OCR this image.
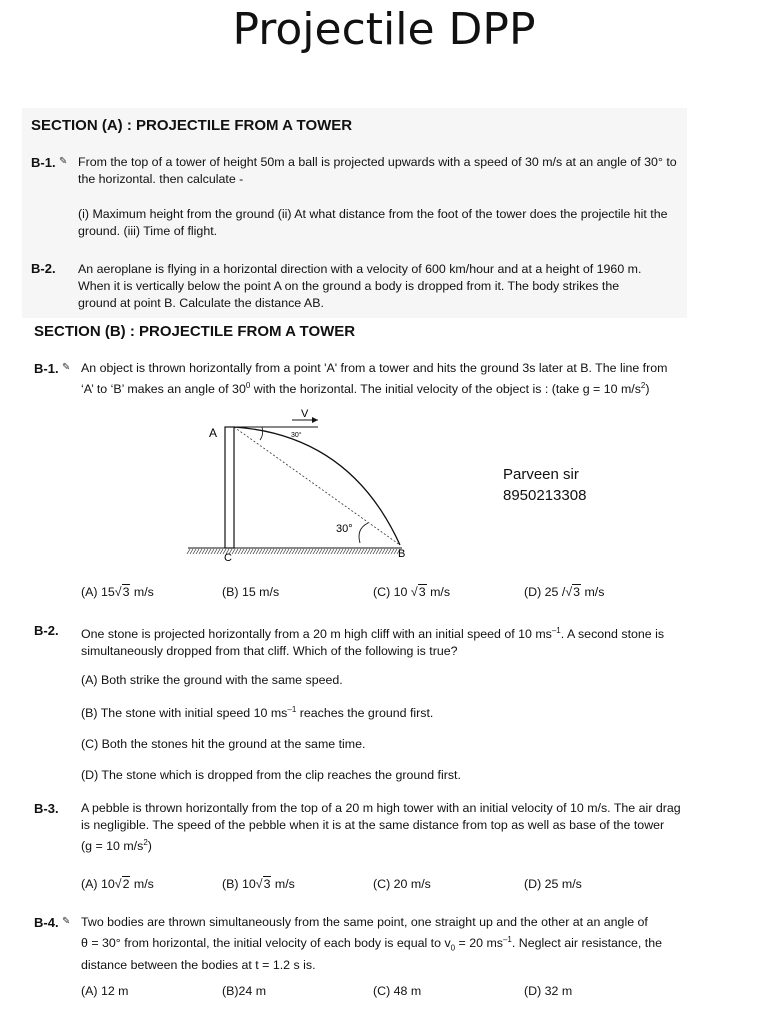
Projectile DPP
SECTION (A) : PROJECTILE FROM A TOWER
B-1. ✎ From the top of a tower of height 50m a ball is projected upwards with a speed of 30 m/s at an angle of 30° to
the horizontal. then calculate -
(i) Maximum height from the ground (ii) At what distance from the foot of the tower does the projectile hit the
ground. (iii) Time of flight.
B-2. An aeroplane is flying in a horizontal direction with a velocity of 600 km/hour and at a height of 1960 m.
When it is vertically below the point A on the ground a body is dropped from it. The body strikes the
ground at point B. Calculate the distance AB.
SECTION (B) : PROJECTILE FROM A TOWER
B-1. ✎ An object is thrown horizontally from a point 'A' from a tower and hits the ground 3s later at B. The line from
‘A’ to ‘B’ makes an angle of $30^0$ with the horizontal. The initial velocity of the object is : (take g = 10 $m/s^2$)
A
V
30°
30°
B
C
Parveen sir
8950213308
(A) 15√3 m/s	(B) 15 m/s	(C) 10 √3 m/s	(D) 25 /√3 m/s
B-2. One stone is projected horizontally from a 20 m high cliff with an initial speed of 10 $ms^{-1}$. A second stone is
simultaneously dropped from that cliff. Which of the following is true?
(A) Both strike the ground with the same speed.
(B) The stone with initial speed 10 $ms^{-1}$ reaches the ground first.
(C) Both the stones hit the ground at the same time.
(D) The stone which is dropped from the clip reaches the ground first.
B-3. A pebble is thrown horizontally from the top of a 20 m high tower with an initial velocity of 10 m/s. The air drag
is negligible. The speed of the pebble when it is at the same distance from top as well as base of the tower
(g = 10 $m/s^2$)
(A) 10√2 m/s	(B) 10√3 m/s	(C) 20 m/s	(D) 25 m/s
B-4. ✎ Two bodies are thrown simultaneously from the same point, one straight up and the other at an angle of
θ = 30° from horizontal, the initial velocity of each body is equal to $v_0 = 20$ $ms^{-1}$. Neglect air resistance, the
distance between the bodies at t = 1.2 s is.
(A) 12 m	(B)24 m	(C) 48 m	(D) 32 m
